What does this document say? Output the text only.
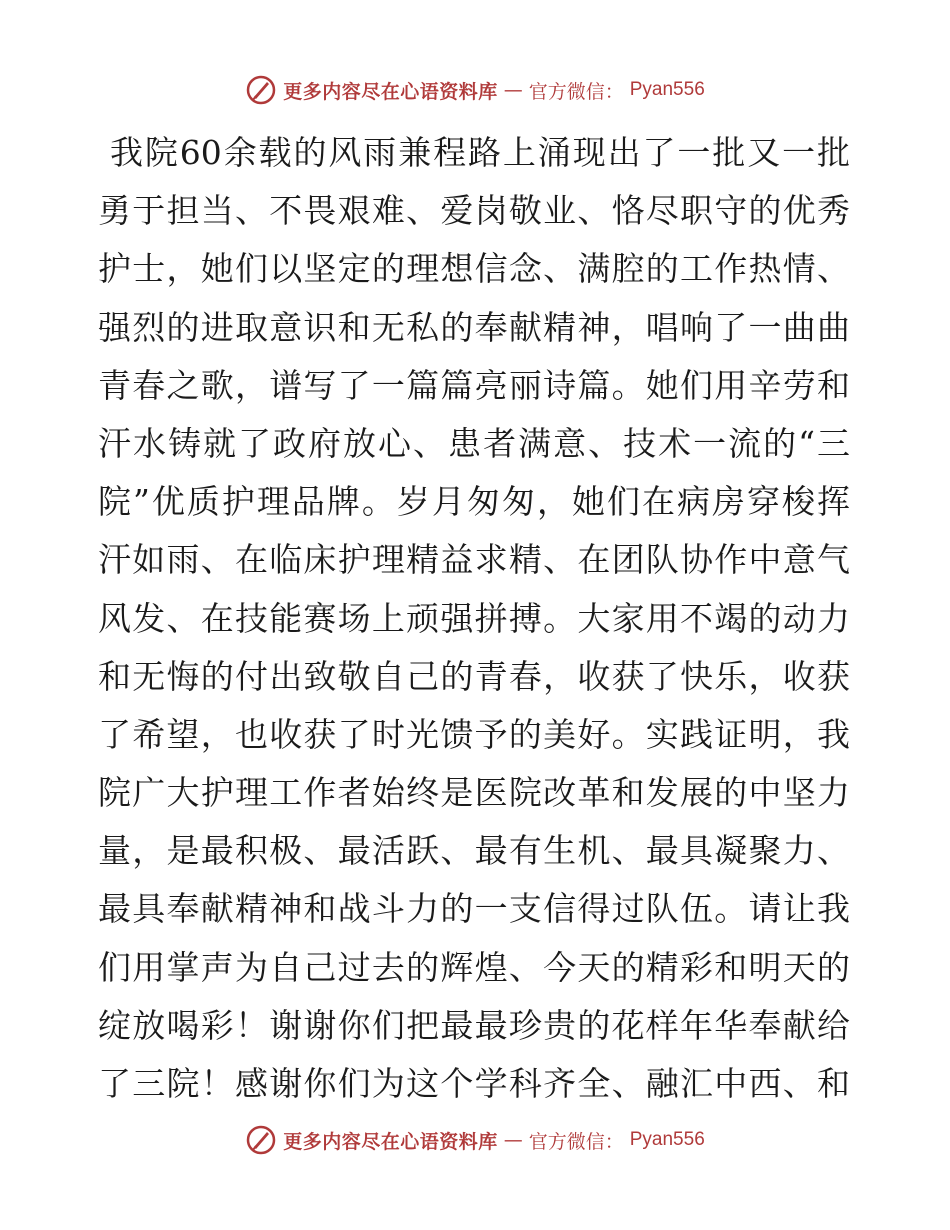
更多内容尽在心语资料库 — 官方微信： Pyan556
我院60余载的风雨兼程路上涌现出了一批又一批
勇于担当、不畏艰难、爱岗敬业、恪尽职守的优秀
护士，她们以坚定的理想信念、满腔的工作热情、
强烈的进取意识和无私的奉献精神，唱响了一曲曲
青春之歌，谱写了一篇篇亮丽诗篇。她们用辛劳和
汗水铸就了政府放心、患者满意、技术一流的“三
院”优质护理品牌。岁月匆匆，她们在病房穿梭挥
汗如雨、在临床护理精益求精、在团队协作中意气
风发、在技能赛场上顽强拼搏。大家用不竭的动力
和无悔的付出致敬自己的青春，收获了快乐，收获
了希望，也收获了时光馈予的美好。实践证明，我
院广大护理工作者始终是医院改革和发展的中坚力
量，是最积极、最活跃、最有生机、最具凝聚力、
最具奉献精神和战斗力的一支信得过队伍。请让我
们用掌声为自己过去的辉煌、今天的精彩和明天的
绽放喝彩！谢谢你们把最最珍贵的花样年华奉献给
了三院！感谢你们为这个学科齐全、融汇中西、和
更多内容尽在心语资料库 — 官方微信： Pyan556
